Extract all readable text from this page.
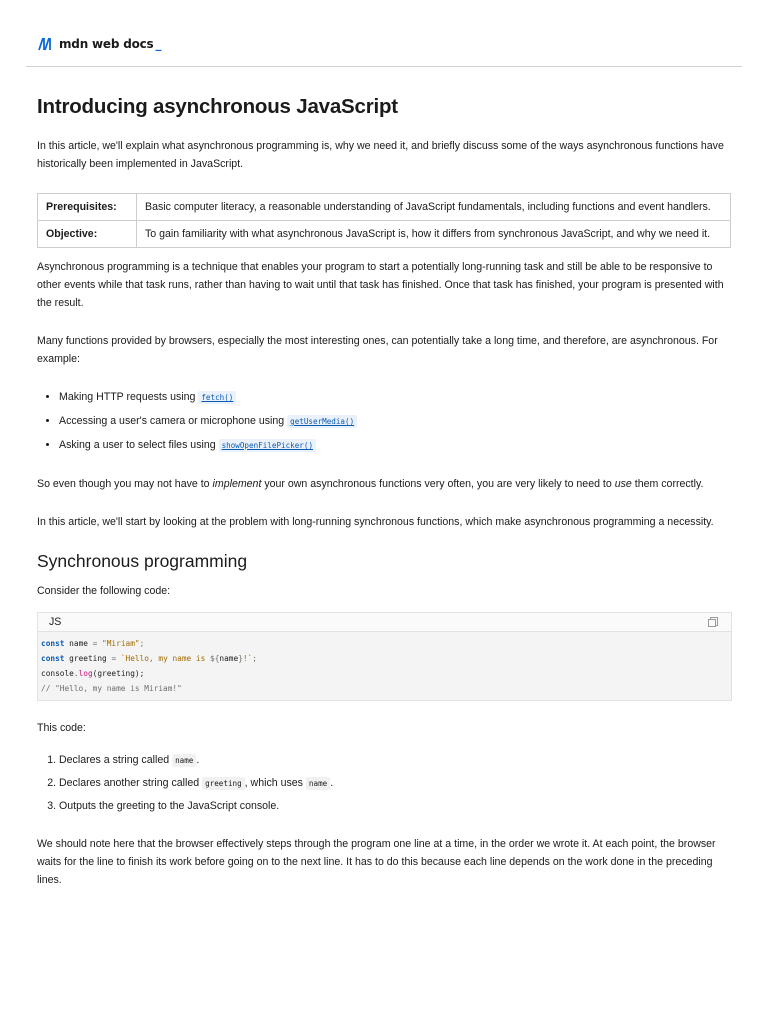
mdn web docs _
Introducing asynchronous JavaScript

In this article, we'll explain what asynchronous programming is, why we need it, and briefly discuss some of the ways asynchronous functions have historically been implemented in JavaScript.

Prerequisites:	Basic computer literacy, a reasonable understanding of JavaScript fundamentals, including functions and event handlers.
Objective:	To gain familiarity with what asynchronous JavaScript is, how it differs from synchronous JavaScript, and why we need it.

Asynchronous programming is a technique that enables your program to start a potentially long-running task and still be able to be responsive to other events while that task runs, rather than having to wait until that task has finished. Once that task has finished, your program is presented with the result.

Many functions provided by browsers, especially the most interesting ones, can potentially take a long time, and therefore, are asynchronous. For example:

• Making HTTP requests using fetch()
• Accessing a user's camera or microphone using getUserMedia()
• Asking a user to select files using showOpenFilePicker()

So even though you may not have to implement your own asynchronous functions very often, you are very likely to need to use them correctly.

In this article, we'll start by looking at the problem with long-running synchronous functions, which make asynchronous programming a necessity.

Synchronous programming

Consider the following code:

JS
const name = "Miriam";
const greeting = `Hello, my name is ${name}!`;
console.log(greeting);
// "Hello, my name is Miriam!"

This code:

1. Declares a string called name .
2. Declares another string called greeting , which uses name .
3. Outputs the greeting to the JavaScript console.

We should note here that the browser effectively steps through the program one line at a time, in the order we wrote it. At each point, the browser waits for the line to finish its work before going on to the next line. It has to do this because each line depends on the work done in the preceding lines.
